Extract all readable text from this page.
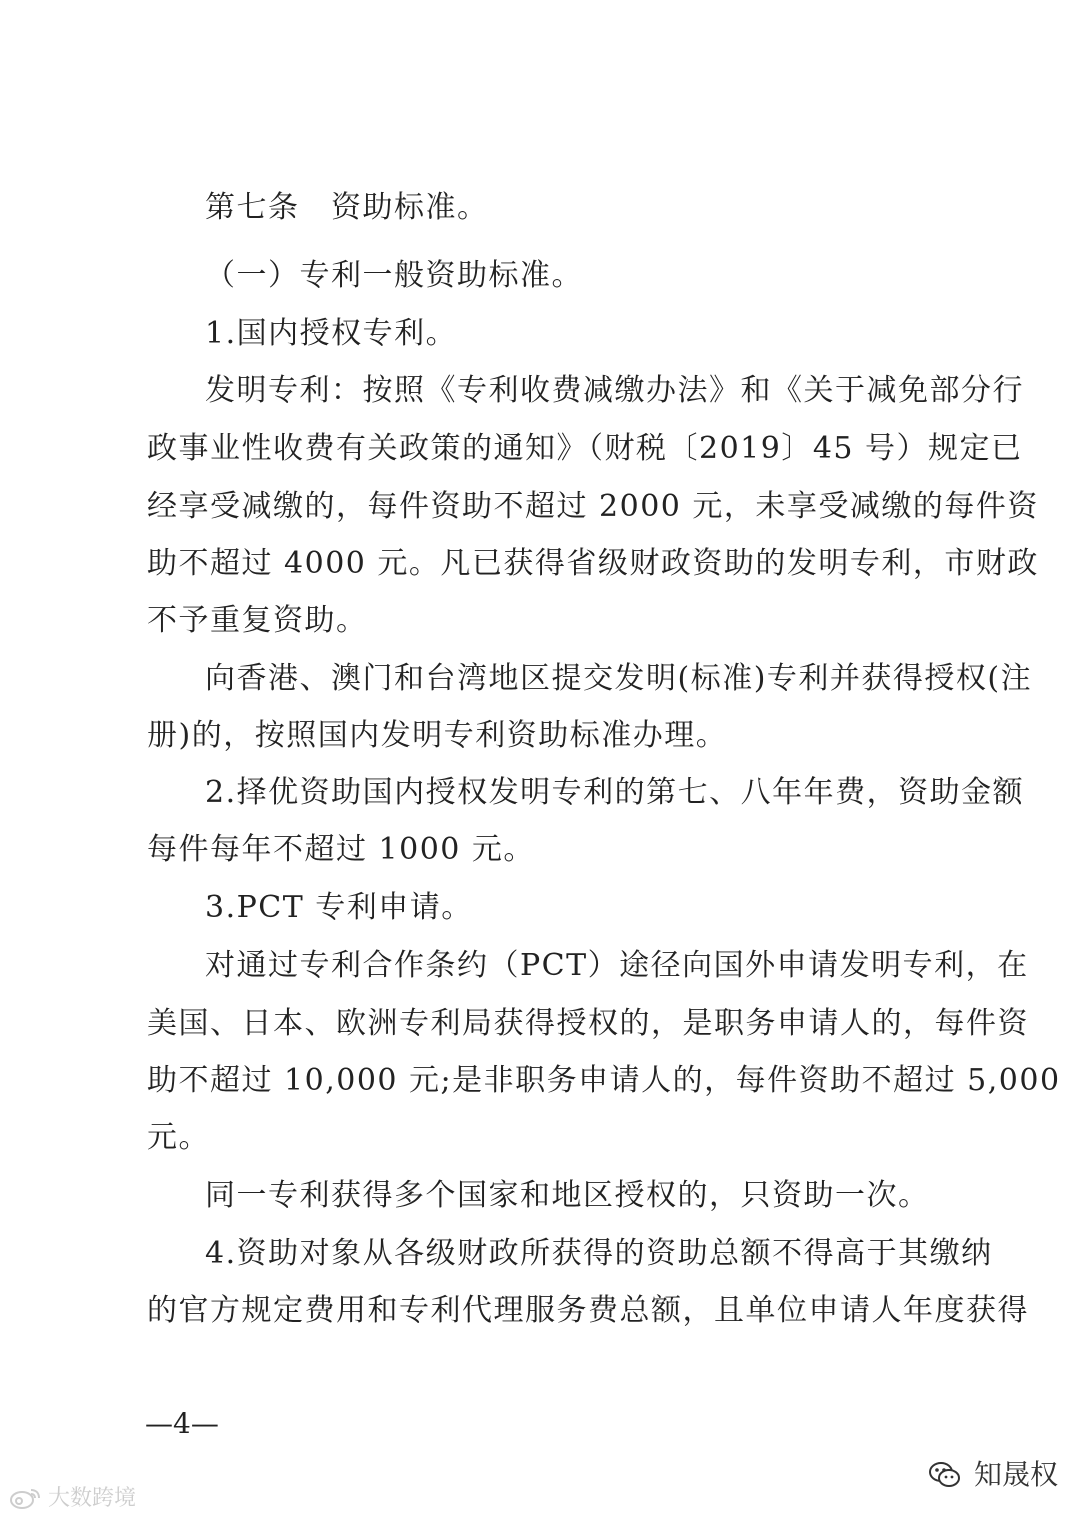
第七条　资助标准。
（一）专利一般资助标准。
1.国内授权专利。
发明专利：按照《专利收费减缴办法》和《关于减免部分行
政事业性收费有关政策的通知》（财税〔2019〕45 号）规定已
经享受减缴的，每件资助不超过 2000 元，未享受减缴的每件资
助不超过 4000 元。凡已获得省级财政资助的发明专利，市财政
不予重复资助。
向香港、澳门和台湾地区提交发明(标准)专利并获得授权(注
册)的，按照国内发明专利资助标准办理。
2.择优资助国内授权发明专利的第七、八年年费，资助金额
每件每年不超过 1000 元。
3.PCT 专利申请。
对通过专利合作条约（PCT）途径向国外申请发明专利，在
美国、日本、欧洲专利局获得授权的，是职务申请人的，每件资
助不超过 10,000 元;是非职务申请人的，每件资助不超过 5,000
元。
同一专利获得多个国家和地区授权的，只资助一次。
4.资助对象从各级财政所获得的资助总额不得高于其缴纳
的官方规定费用和专利代理服务费总额，且单位申请人年度获得
—4—
大数跨境
知晟权
